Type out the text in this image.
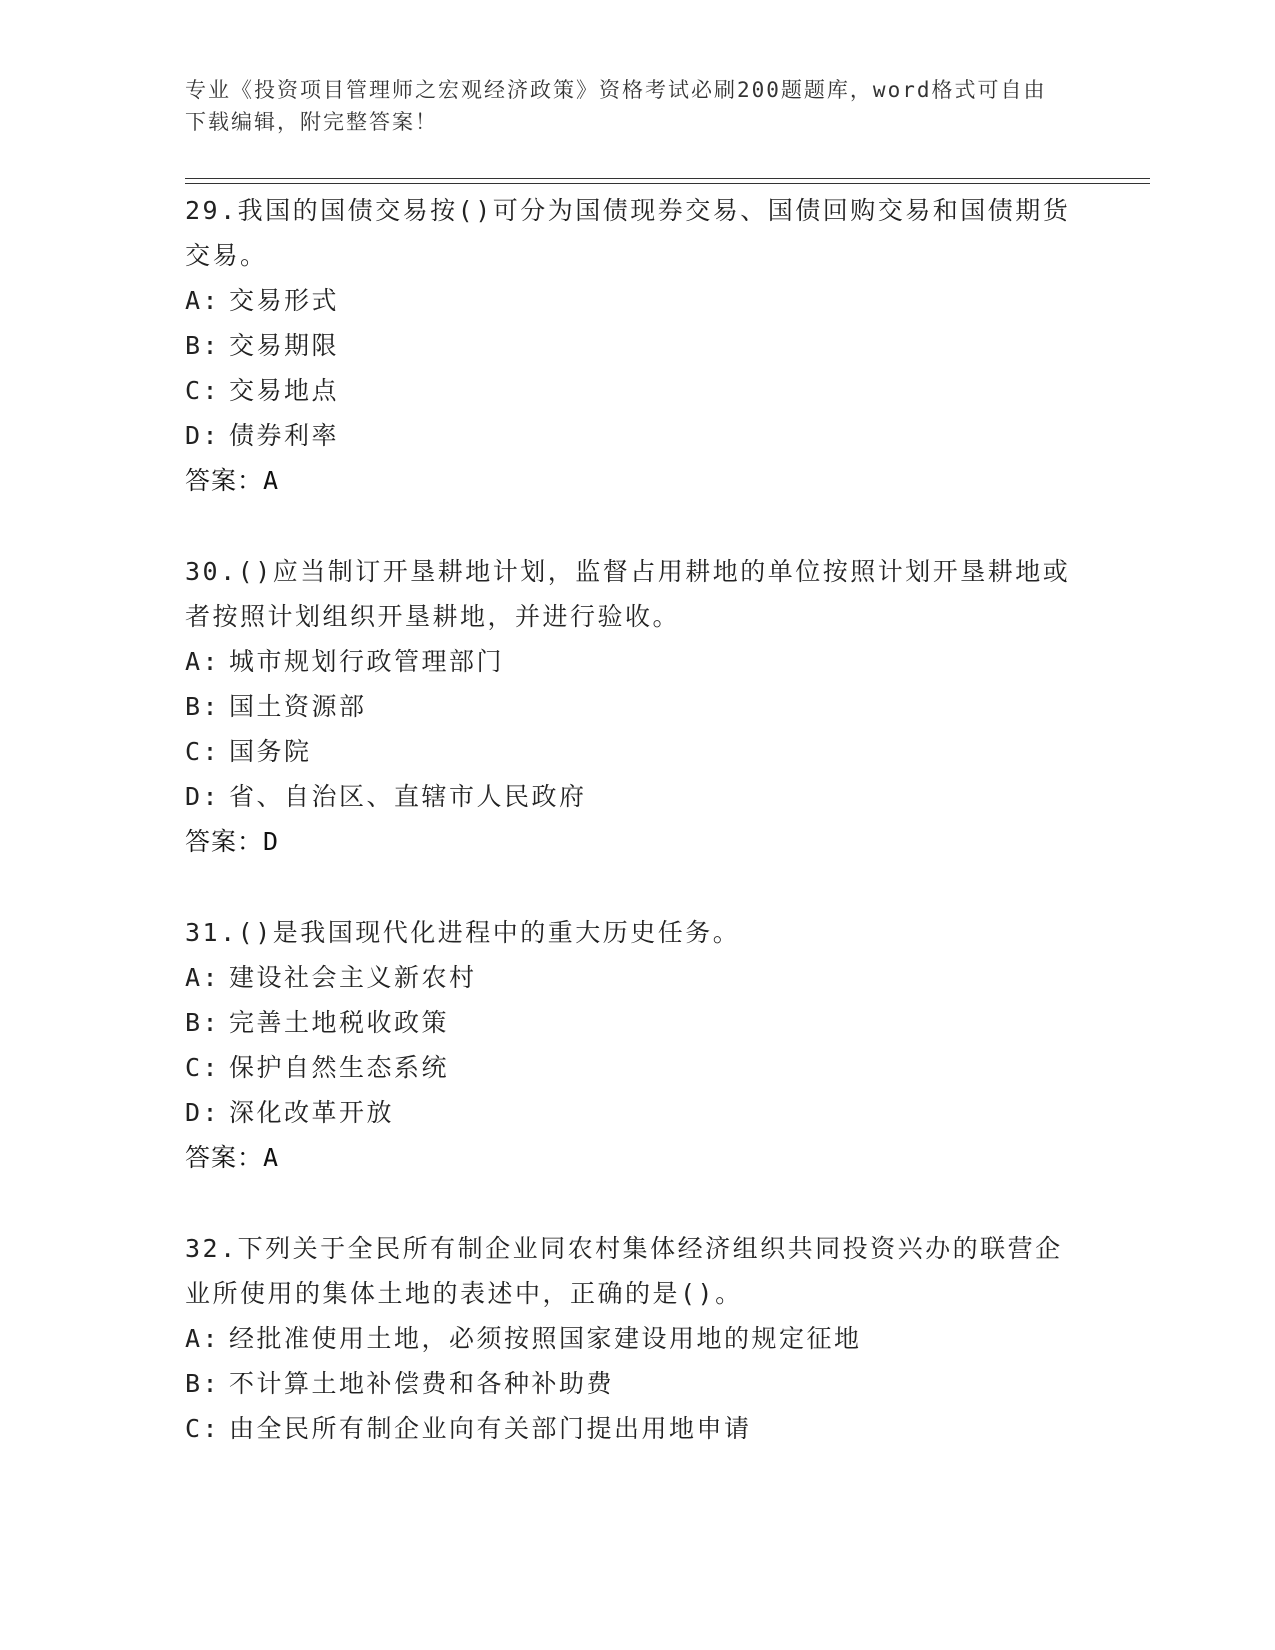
专业《投资项目管理师之宏观经济政策》资格考试必刷200题题库，word格式可自由下载编辑，附完整答案！

29.我国的国债交易按()可分为国债现券交易、国债回购交易和国债期货交易。

A: 交易形式

B: 交易期限

C: 交易地点

D: 债券利率

答案：A

30.()应当制订开垦耕地计划，监督占用耕地的单位按照计划开垦耕地或者按照计划组织开垦耕地，并进行验收。

A: 城市规划行政管理部门

B: 国土资源部

C: 国务院

D: 省、自治区、直辖市人民政府

答案：D

31.()是我国现代化进程中的重大历史任务。

A: 建设社会主义新农村

B: 完善土地税收政策

C: 保护自然生态系统

D: 深化改革开放

答案：A

32.下列关于全民所有制企业同农村集体经济组织共同投资兴办的联营企业所使用的集体土地的表述中，正确的是()。

A: 经批准使用土地，必须按照国家建设用地的规定征地

B: 不计算土地补偿费和各种补助费

C: 由全民所有制企业向有关部门提出用地申请
